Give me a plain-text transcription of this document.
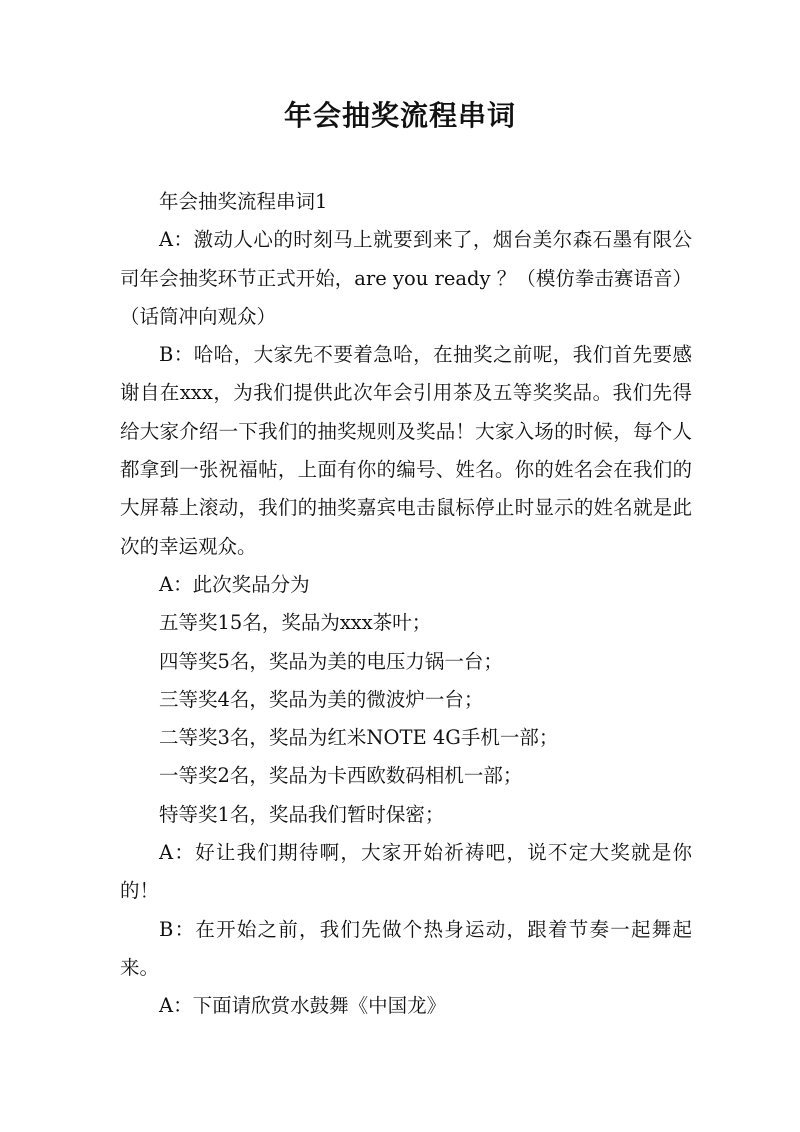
年会抽奖流程串词

年会抽奖流程串词1

A：激动人心的时刻马上就要到来了，烟台美尔森石墨有限公司年会抽奖环节正式开始，are you ready ？（模仿拳击赛语音）（话筒冲向观众）

B：哈哈，大家先不要着急哈，在抽奖之前呢，我们首先要感谢自在xxx，为我们提供此次年会引用茶及五等奖奖品。我们先得给大家介绍一下我们的抽奖规则及奖品！大家入场的时候，每个人都拿到一张祝福帖，上面有你的编号、姓名。你的姓名会在我们的大屏幕上滚动，我们的抽奖嘉宾电击鼠标停止时显示的姓名就是此次的幸运观众。

A：此次奖品分为

五等奖15名，奖品为xxx茶叶；

四等奖5名，奖品为美的电压力锅一台；

三等奖4名，奖品为美的微波炉一台；

二等奖3名，奖品为红米NOTE 4G手机一部；

一等奖2名，奖品为卡西欧数码相机一部；

特等奖1名，奖品我们暂时保密；

A：好让我们期待啊，大家开始祈祷吧，说不定大奖就是你的！

B：在开始之前，我们先做个热身运动，跟着节奏一起舞起来。

A：下面请欣赏水鼓舞《中国龙》
